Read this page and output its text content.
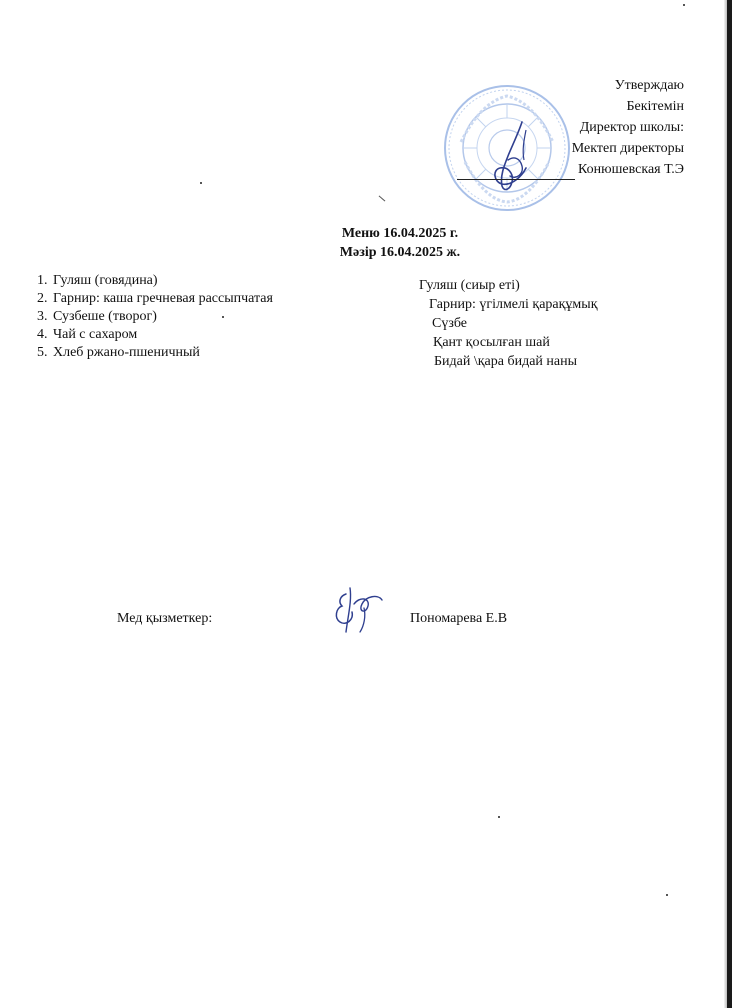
Утверждаю
Бекітемін
Директор школы:
Мектеп директоры
Конюшевская Т.Э
Меню 16.04.2025 г.
Мәзір 16.04.2025 ж.
1. Гуляш (говядина)
2. Гарнир: каша гречневая рассыпчатая
3. Сузбеше (творог)
4. Чай с сахаром
5. Хлеб ржано-пшеничный
Гуляш (сиыр еті)
Гарнир: үгілмелі қарақұмық
Сүзбе
Қант қосылған шай
Бидай \қара бидай наны
Мед қызметкер:	Пономарева Е.В
